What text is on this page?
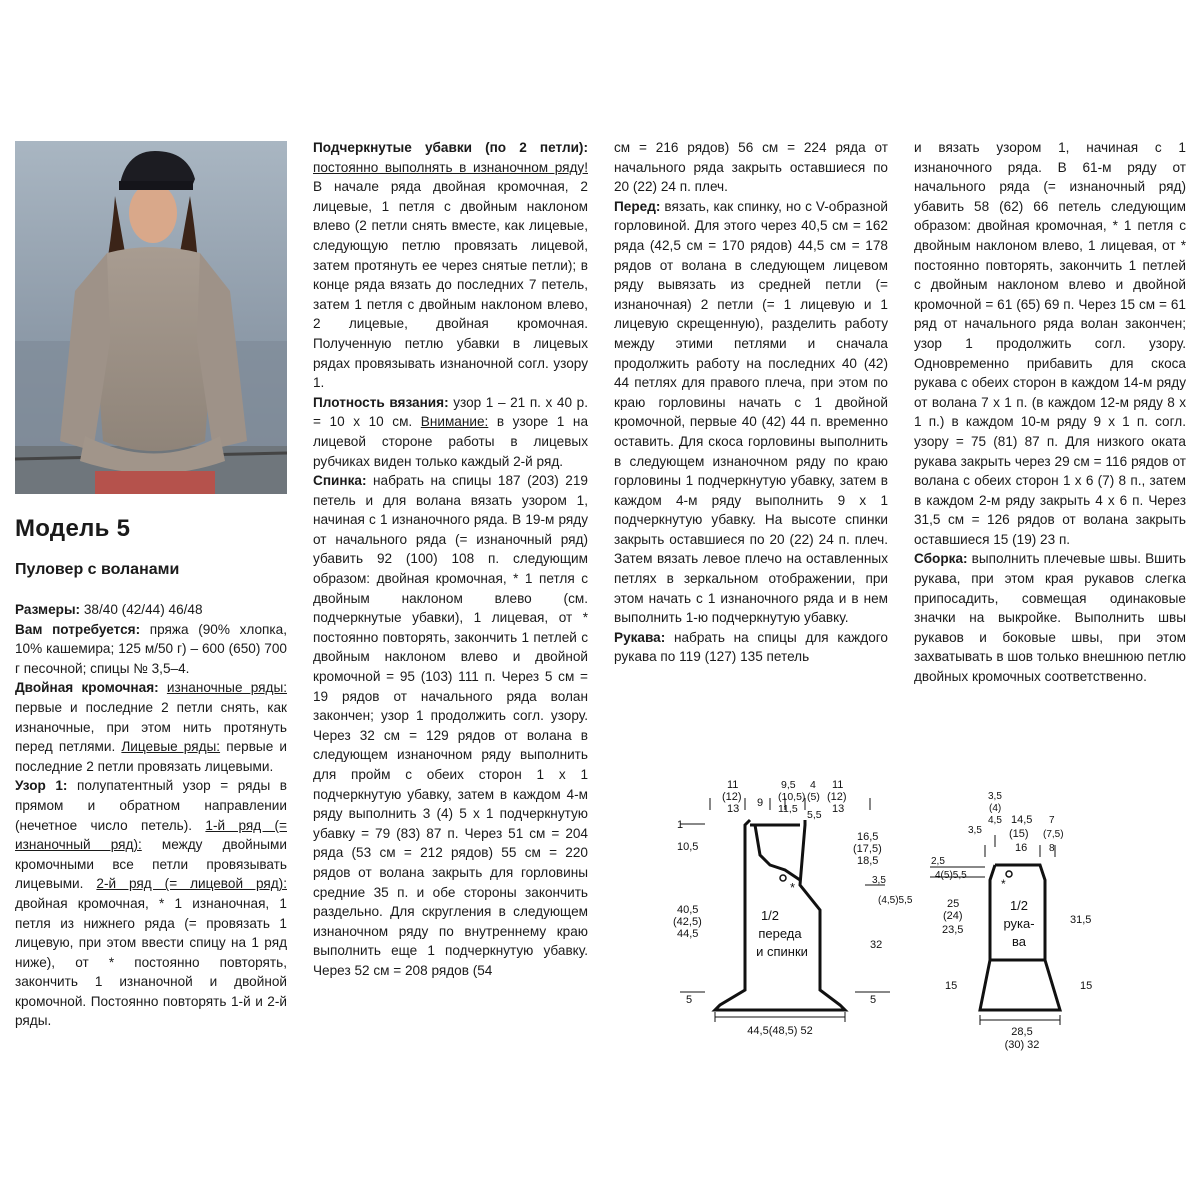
Модель 5
Пуловер с воланами

Размеры: 38/40 (42/44) 46/48

Вам потребуется: пряжа (90% хлопка, 10% кашемира; 125 м/50 г) – 600 (650) 700 г песочной; спицы № 3,5–4.

Двойная кромочная: изнаночные ряды: первые и последние 2 петли снять, как изнаночные, при этом нить протянуть перед петлями. Лицевые ряды: первые и последние 2 петли провязать лицевыми.

Узор 1: полупатентный узор = ряды в прямом и обратном направлении (нечетное число петель). 1-й ряд (= изнаночный ряд): между двойными кромочными все петли провязывать лицевыми. 2-й ряд (= лицевой ряд): двойная кромочная, * 1 изнаночная, 1 петля из нижнего ряда (= провязать 1 лицевую, при этом ввести спицу на 1 ряд ниже), от * постоянно повторять, закончить 1 изнаночной и двойной кромочной. Постоянно повторять 1-й и 2-й ряды.

Подчеркнутые убавки (по 2 петли): постоянно выполнять в изнаночном ряду! В начале ряда двойная кромочная, 2 лицевые, 1 петля с двойным наклоном влево (2 петли снять вместе, как лицевые, следующую петлю провязать лицевой, затем протянуть ее через снятые петли); в конце ряда вязать до последних 7 петель, затем 1 петля с двойным наклоном влево, 2 лицевые, двойная кромочная. Полученную петлю убавки в лицевых рядах провязывать изнаночной согл. узору 1.

Плотность вязания: узор 1 – 21 п. х 40 р. = 10 х 10 см. Внимание: в узоре 1 на лицевой стороне работы в лицевых рубчиках виден только каждый 2-й ряд.

Спинка: набрать на спицы 187 (203) 219 петель и для волана вязать узором 1, начиная с 1 изнаночного ряда. В 19-м ряду от начального ряда (= изнаночный ряд) убавить 92 (100) 108 п. следующим образом: двойная кромочная, * 1 петля с двойным наклоном влево (см. подчеркнутые убавки), 1 лицевая, от * постоянно повторять, закончить 1 петлей с двойным наклоном влево и двойной кромочной = 95 (103) 111 п. Через 5 см = 19 рядов от начального ряда волан закончен; узор 1 продолжить согл. узору. Через 32 см = 129 рядов от волана в следующем изнаночном ряду выполнить для пройм с обеих сторон 1 х 1 подчеркнутую убавку, затем в каждом 4-м ряду выполнить 3 (4) 5 х 1 подчеркнутую убавку = 79 (83) 87 п. Через 51 см = 204 ряда (53 см = 212 рядов) 55 см = 220 рядов от волана закрыть для горловины средние 35 п. и обе стороны закончить раздельно. Для скругления в следующем изнаночном ряду по внутреннему краю выполнить еще 1 подчеркнутую убавку. Через 52 см = 208 рядов (54

см = 216 рядов) 56 см = 224 ряда от начального ряда закрыть оставшиеся по 20 (22) 24 п. плеч.

Перед: вязать, как спинку, но с V-образной горловиной. Для этого через 40,5 см = 162 ряда (42,5 см = 170 рядов) 44,5 см = 178 рядов от волана в следующем лицевом ряду вывязать из средней петли (= изнаночная) 2 петли (= 1 лицевую и 1 лицевую скрещенную), разделить работу между этими петлями и сначала продолжить работу на последних 40 (42) 44 петлях для правого плеча, при этом по краю горловины начать с 1 двойной кромочной, первые 40 (42) 44 п. временно оставить. Для скоса горловины выполнить в следующем изнаночном ряду по краю горловины 1 подчеркнутую убавку, затем в каждом 4-м ряду выполнить 9 х 1 подчеркнутую убавку. На высоте спинки закрыть оставшиеся по 20 (22) 24 п. плеч. Затем вязать левое плечо на оставленных петлях в зеркальном отображении, при этом начать с 1 изнаночного ряда и в нем выполнить 1-ю подчеркнутую убавку.

Рукава: набрать на спицы для каждого рукава по 119 (127) 135 петель

и вязать узором 1, начиная с 1 изнаночного ряда. В 61-м ряду от начального ряда (= изнаночный ряд) убавить 58 (62) 66 петель следующим образом: двойная кромочная, * 1 петля с двойным наклоном влево, 1 лицевая, от * постоянно повторять, закончить 1 петлей с двойным наклоном влево и двойной кромочной = 61 (65) 69 п. Через 15 см = 61 ряд от начального ряда волан закончен; узор 1 продолжить согл. узору. Одновременно прибавить для скоса рукава с обеих сторон в каждом 14-м ряду от волана 7 х 1 п. (в каждом 12-м ряду 8 х 1 п.) в каждом 10-м ряду 9 х 1 п. согл. узору = 75 (81) 87 п. Для низкого оката рукава закрыть через 29 см = 116 рядов от волана с обеих сторон 1 х 6 (7) 8 п., затем в каждом 2-м ряду закрыть 4 х 6 п. Через 31,5 см = 126 рядов от волана закрыть оставшиеся 15 (19) 23 п.

Сборка: выполнить плечевые швы. Вшить рукава, при этом края рукавов слегка припосадить, совмещая одинаковые значки на выкройке. Выполнить швы рукавов и боковые швы, при этом захватывать в шов только внешнюю петлю двойных кромочных соответственно.

*
11
(12)
13 9
9,5
(10,5)
11,5
4
(5)
5,5
11
(12)
13
1
10,5
40,5
(42,5)
44,5
5
16,5
(17,5)
18,5
3,5
(4,5)5,5
32
5
1/2
переда
и спинки
44,5(48,5) 52
*
3,5
(4)
4,5
3,5
14,5
(15)
16
7
(7,5)
8
2,5
4(5)5,5
25
(24)
23,5
15
31,5
15
1/2
рука-
ва
28,5
(30) 32
